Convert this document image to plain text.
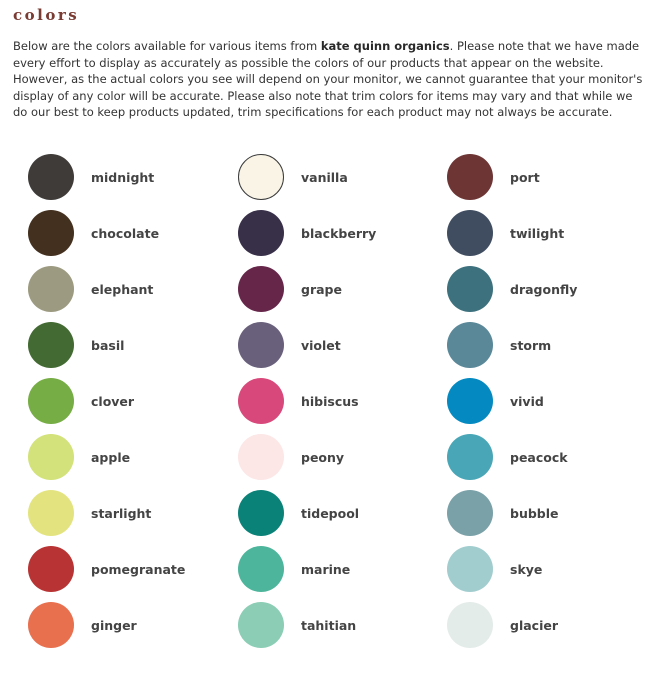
colors

Below are the colors available for various items from kate quinn organics. Please note that we have made every effort to display as accurately as possible the colors of our products that appear on the website. However, as the actual colors you see will depend on your monitor, we cannot guarantee that your monitor's display of any color will be accurate. Please also note that trim colors for items may vary and that while we do our best to keep products updated, trim specifications for each product may not always be accurate.

midnight
chocolate
elephant
basil
clover
apple
starlight
pomegranate
ginger
vanilla
blackberry
grape
violet
hibiscus
peony
tidepool
marine
tahitian
port
twilight
dragonfly
storm
vivid
peacock
bubble
skye
glacier
